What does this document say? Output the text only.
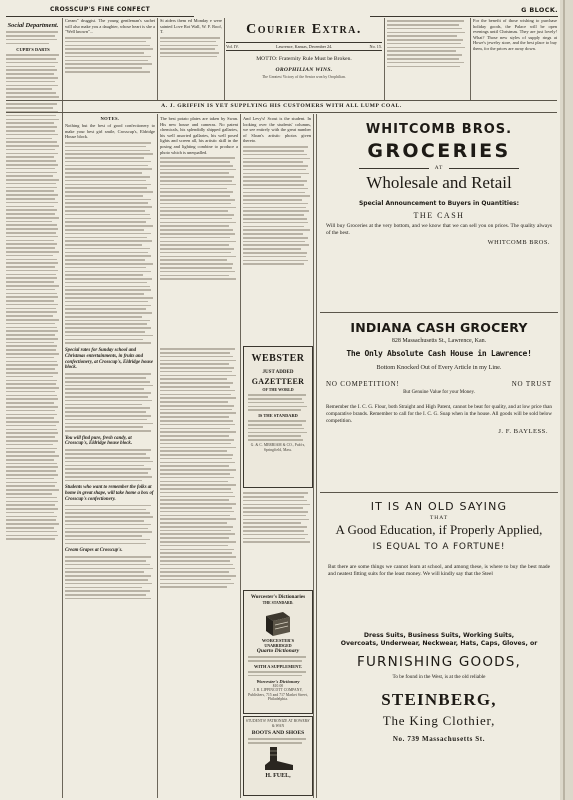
CROSSCUP'S FINE CONFECT	G BLOCK.
Courier Extra.
Vol. IV.	Lawrence, Kansas, December 24.	No. 15.
MOTTO: Fraternity Rule Must be Broken.
OROPHILIAN WINS.
The Greatest Victory of the Senior won by Orophilian.
Social Department.
CUPID'S DARTS
Cream" druggist. The young gentleman's sachet will also make you a daughter, whose heart is she a "Well known"...
St aiders them ed Monday e were sainted Love Rot Wall, W. F. Roof, T.
For the benefit of those wishing to purchase holiday goods, the Palace will be open evenings until Christmas. They are just lovely! What? Those new styles of supply rings at Howe's jewelry store, and the best place to buy them, for the prices are away down.
A. J. GRIFFIN IS YET SUPPLYING HIS CUSTOMERS WITH ALL LUMP COAL.
NOTES.
Nothing but the best of good confectionery to make your best girl smile, Crosscup's, Eldridge House block.
Special rates for Sunday school and Christmas entertainments, in fruits and confectionery, at Crosscup's, Eldridge house block.
You will find pure, fresh candy, at Crosscup's, Eldridge house block.
Students who want to remember the folks at home in great shape, will take home a box of Crosscup's confectionery.
Cream Grapes at Crosscup's.
The best potato plates are taken by Swan. His new house and cameras. No patent chemicals, his splendidly shipped gallaries, his well assorted gallaries, his well posed lights and screen all, his artistic skill in the posing and lighting combine to produce a photo which is unequalled.
And Levy's! Scout is the student. In looking over the students' columns, we see entirely with the great number of Sloan's artistic photos given thereto.
WEBSTER
JUST ADDED
GAZETTEER
OF THE WORLD
IS THE STANDARD
G. & C. MERRIAM & CO., Pub'rs, Springfield, Mass.
Worcester's Dictionaries
THE STANDARD.
WORCESTER'S
UNABRIDGED
Quarto Dictionary
WITH A SUPPLEMENT.
Worcester's Dictionary
$10.00
J. B. LIPPINCOTT COMPANY, Publishers, 715 and 717 Market Street, Philadelphia.
STUDENTS! PATRONIZE AT BOWERS' & WAN
BOOTS AND SHOES
H. FUEL,
WHITCOMB BROS.
GROCERIES
AT
Wholesale and Retail
Special Announcement to Buyers in Quantities:
THE CASH
Will buy Groceries at the very bottom, and we know that we can sell you on prices. The quality always of the best.
WHITCOMB BROS.
INDIANA CASH GROCERY
828 Massachusetts St., Lawrence, Kan.
The Only Absolute Cash House in Lawrence!
Bottom Knocked Out of Every Article in my Line.
NO COMPETITION!	NO TRUST
But Genuine Value for your Money.
Remember the I. C. G. Flour, both Straight and High Patent, cannot be beat for quality, and at low price than comparative brands. Remember to call for the I. C. G. Soap when in the house. All goods will be sold below competition.
J. F. BAYLESS.
IT IS AN OLD SAYING
THAT
A Good Education, if Properly Applied,
IS EQUAL TO A FORTUNE!
But there are some things we cannot learn at school, and among these, is where to buy the best made and neatest fitting suits for the least money. We will kindly say that the Steel
Dress Suits, Business Suits, Working Suits,
Overcoats, Underwear, Neckwear, Hats, Caps, Gloves, or
FURNISHING GOODS,
To be found in the West, is at the old reliable
STEINBERG,
The King Clothier,
No. 739 Massachusetts St.
